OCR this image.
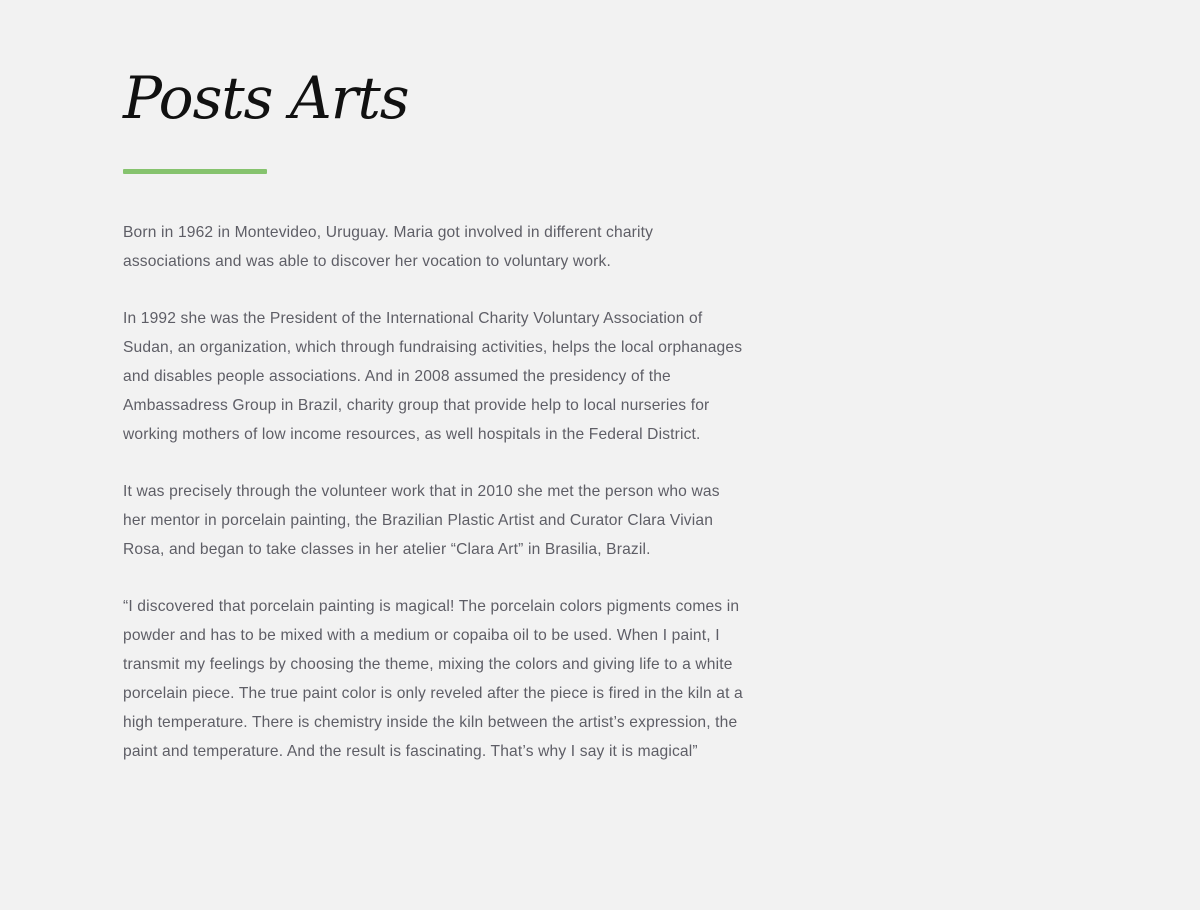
Posts Arts

Born in 1962 in Montevideo, Uruguay. Maria got involved in different charity associations and was able to discover her vocation to voluntary work.

In 1992 she was the President of the International Charity Voluntary Association of Sudan, an organization, which through fundraising activities, helps the local orphanages and disables people associations. And in 2008 assumed the presidency of the Ambassadress Group in Brazil, charity group that provide help to local nurseries for working mothers of low income resources, as well hospitals in the Federal District.

It was precisely through the volunteer work that in 2010 she met the person who was her mentor in porcelain painting, the Brazilian Plastic Artist and Curator Clara Vivian Rosa, and began to take classes in her atelier “Clara Art” in Brasilia, Brazil.

“I discovered that porcelain painting is magical! The porcelain colors pigments comes in powder and has to be mixed with a medium or copaiba oil to be used. When I paint, I transmit my feelings by choosing the theme, mixing the colors and giving life to a white porcelain piece. The true paint color is only reveled after the piece is fired in the kiln at a high temperature. There is chemistry inside the kiln between the artist’s expression, the paint and temperature. And the result is fascinating. That’s why I say it is magical”
